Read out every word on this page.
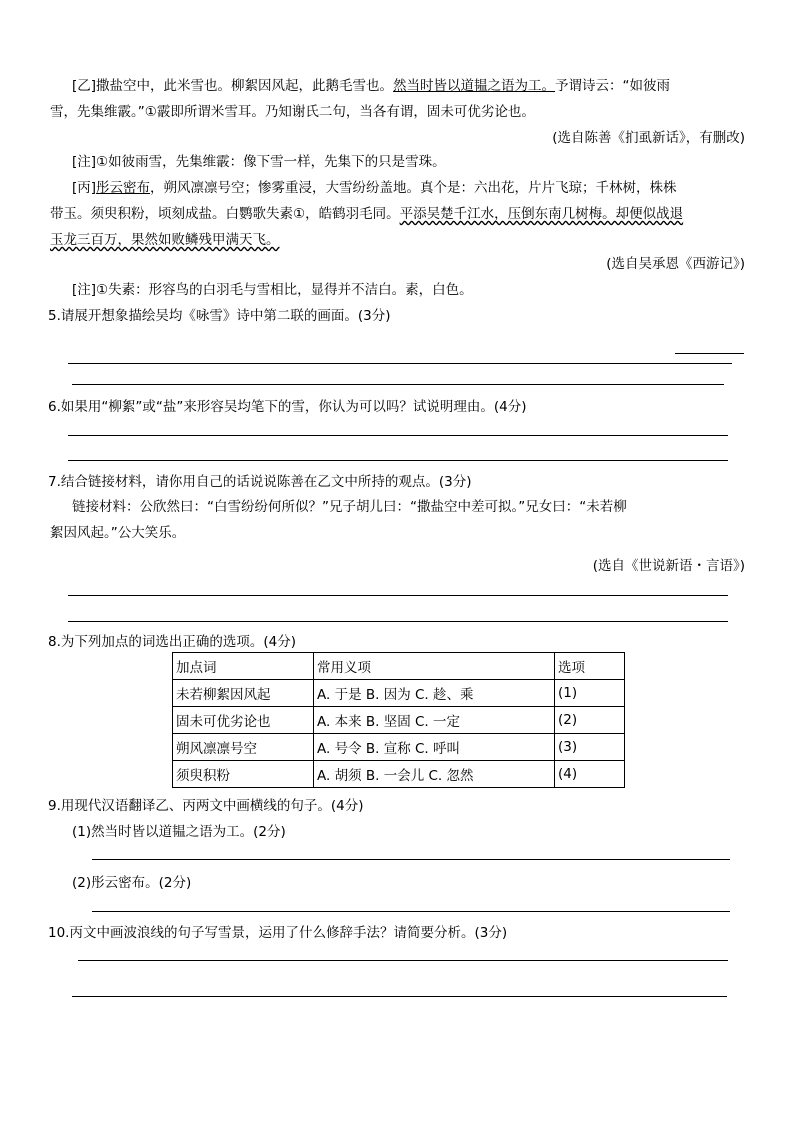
[乙]撒盐空中，此米雪也。柳絮因风起，此鹅毛雪也。然当时皆以道韫之语为工。予谓诗云：“如彼雨
雪，先集维霰。”①霰即所谓米雪耳。乃知谢氏二句，当各有谓，固未可优劣论也。
(选自陈善《扪虱新话》，有删改)
[注]①如彼雨雪，先集维霰：像下雪一样，先集下的只是雪珠。
[丙]彤云密布，朔风凛凛号空；惨雾重浸，大雪纷纷盖地。真个是：六出花，片片飞琼；千林树，株株
带玉。须臾积粉，顷刻成盐。白鹦歌失素①，皓鹤羽毛同。平添吴楚千江水，压倒东南几树梅。却便似战退
玉龙三百万，果然如败鳞残甲满天飞。
(选自吴承恩《西游记》)
[注]①失素：形容鸟的白羽毛与雪相比，显得并不洁白。素，白色。
5.请展开想象描绘吴均《咏雪》诗中第二联的画面。(3分)
6.如果用“柳絮”或“盐”来形容吴均笔下的雪，你认为可以吗？试说明理由。(4分)
7.结合链接材料，请你用自己的话说说陈善在乙文中所持的观点。(3分)
链接材料：公欣然曰：“白雪纷纷何所似？”兄子胡儿曰：“撒盐空中差可拟。”兄女曰：“未若柳
絮因风起。”公大笑乐。
(选自《世说新语・言语》)
8.为下列加点的词选出正确的选项。(4分)
加点词	常用义项	选项
未若柳絮因风起	A. 于是 B. 因为 C. 趁、乘	(1)
固未可优劣论也	A. 本来 B. 坚固 C. 一定	(2)
朔风凛凛号空	A. 号令 B. 宣称 C. 呼叫	(3)
须臾积粉	A. 胡须 B. 一会儿 C. 忽然	(4)
9.用现代汉语翻译乙、丙两文中画横线的句子。(4分)
(1)然当时皆以道韫之语为工。(2分)
(2)彤云密布。(2分)
10.丙文中画波浪线的句子写雪景，运用了什么修辞手法？请简要分析。(3分)
